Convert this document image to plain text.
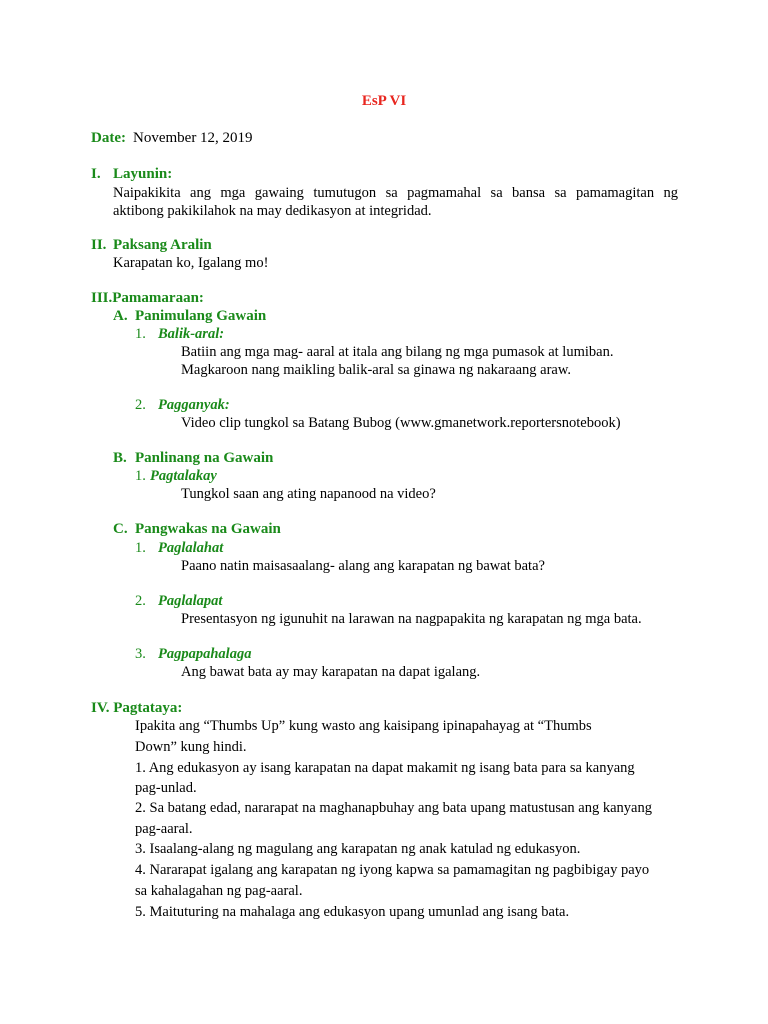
EsP VI
Date: November 12, 2019
I. Layunin:
Naipakikita ang mga gawaing tumutugon sa pagmamahal sa bansa sa pamamagitan ng
aktibong pakikilahok na may dedikasyon at integridad.
II. Paksang Aralin
Karapatan ko, Igalang mo!
III.Pamamaraan:
A. Panimulang Gawain
1. Balik-aral:
Batiin ang mga mag- aaral at itala ang bilang ng mga pumasok at lumiban.
Magkaroon nang maikling balik-aral sa ginawa ng nakaraang araw.
2. Pagganyak:
Video clip tungkol sa Batang Bubog (www.gmanetwork.reportersnotebook)
B. Panlinang na Gawain
1. Pagtalakay
Tungkol saan ang ating napanood na video?
C. Pangwakas na Gawain
1. Paglalahat
Paano natin maisasaalang- alang ang karapatan ng bawat bata?
2. Paglalapat
Presentasyon ng igunuhit na larawan na nagpapakita ng karapatan ng mga bata.
3. Pagpapahalaga
Ang bawat bata ay may karapatan na dapat igalang.
IV. Pagtataya:
Ipakita ang “Thumbs Up” kung wasto ang kaisipang ipinapahayag at “Thumbs
Down” kung hindi.
1. Ang edukasyon ay isang karapatan na dapat makamit ng isang bata para sa kanyang
pag-unlad.
2. Sa batang edad, nararapat na maghanapbuhay ang bata upang matustusan ang kanyang
pag-aaral.
3. Isaalang-alang ng magulang ang karapatan ng anak katulad ng edukasyon.
4. Nararapat igalang ang karapatan ng iyong kapwa sa pamamagitan ng pagbibigay payo
sa kahalagahan ng pag-aaral.
5. Maituturing na mahalaga ang edukasyon upang umunlad ang isang bata.
